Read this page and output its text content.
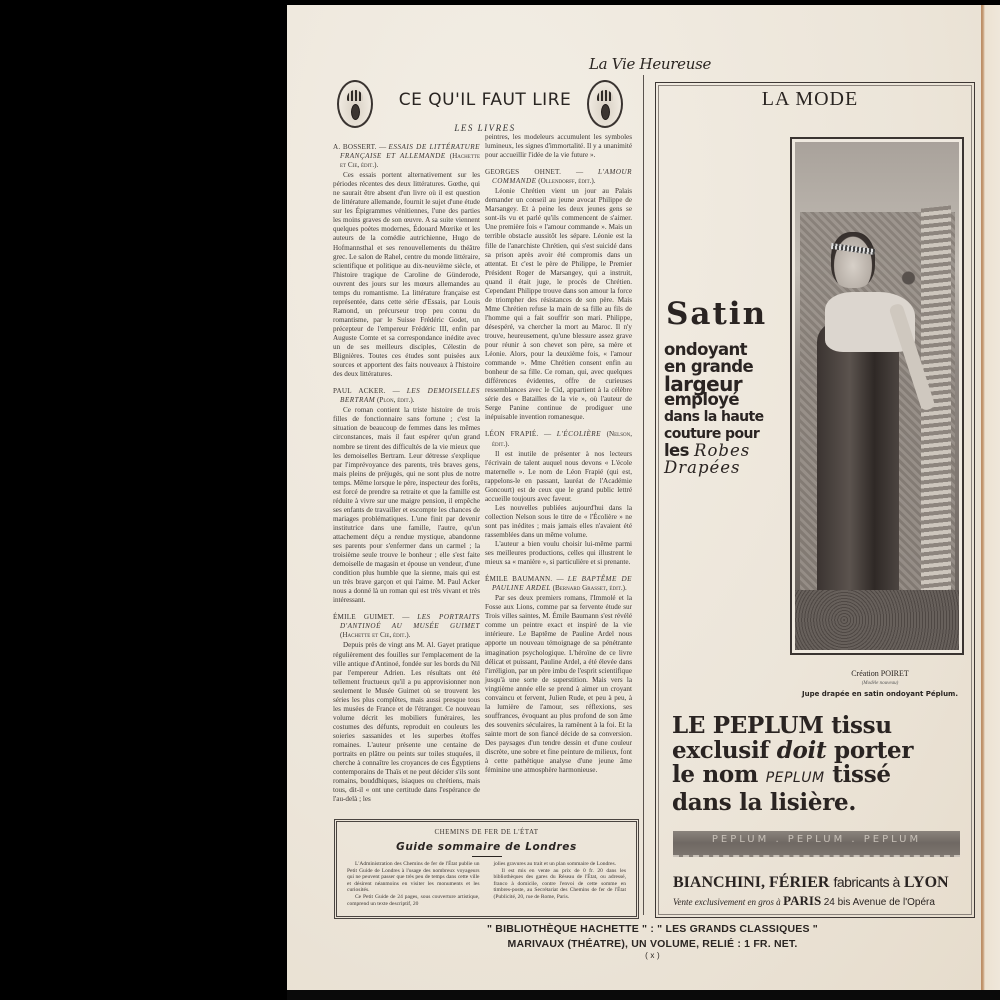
La Vie Heureuse
CE QU'IL FAUT LIRE
LES LIVRES
A. BOSSERT. — ESSAIS DE LITTÉRATURE FRANÇAISE ET ALLEMANDE (Hachette et Cie, édit.).

Ces essais portent alternativement sur les périodes récentes des deux littératures. Gœthe, qui ne saurait être absent d'un livre où il est question de littérature allemande, fournit le sujet d'une étude sur les Épigrammes vénitiennes, l'une des parties les moins graves de son œuvre. A sa suite viennent quelques poètes modernes, Édouard Mœrike et les auteurs de la comédie autrichienne, Hugo de Hofmannsthal et ses renouvellements du théâtre grec. Le salon de Rahel, centre du monde littéraire, scientifique et politique au dix-neuvième siècle, et l'histoire tragique de Caroline de Günderode, ouvrent des jours sur les mœurs allemandes au temps du romantisme. La littérature française est représentée, dans cette série d'Essais, par Louis Ramond, un précurseur trop peu connu du romantisme, par le Suisse Frédéric Godet, un précepteur de l'empereur Frédéric III, enfin par Auguste Comte et sa correspondance inédite avec un de ses meilleurs disciples, Célestin de Blignières. Toutes ces études sont puisées aux sources et apportent des faits nouveaux à l'histoire des deux littératures.

PAUL ACKER. — LES DEMOISELLES BERTRAM (Plon, édit.).

Ce roman contient la triste histoire de trois filles de fonctionnaire sans fortune ; c'est la situation de beaucoup de femmes dans les mêmes circonstances, mais il faut espérer qu'un grand nombre se tirent des difficultés de la vie mieux que les demoiselles Bertram. Leur détresse s'explique par l'imprévoyance des parents, très braves gens, mais pleins de préjugés, qui ne sont plus de notre temps. Même lorsque le père, inspecteur des forêts, est forcé de prendre sa retraite et que la famille est réduite à vivre sur une maigre pension, il empêche ses enfants de travailler et escompte les chances de mariages problématiques. L'une finit par devenir institutrice dans une famille, l'autre, qu'un attachement déçu a rendue mystique, abandonne ses parents pour s'enfermer dans un carmel ; la troisième seule trouve le bonheur ; elle s'est faite demoiselle de magasin et épouse un vendeur, d'une condition plus humble que la sienne, mais qui est un très brave garçon et qui l'aime. M. Paul Acker nous a donné là un roman qui est très vivant et très intéressant.

ÉMILE GUIMET. — LES PORTRAITS D'ANTINOÉ AU MUSÉE GUIMET (Hachette et Cie, édit.).

Depuis près de vingt ans M. Al. Gayet pratique régulièrement des fouilles sur l'emplacement de la ville antique d'Antinoé, fondée sur les bords du Nil par l'empereur Adrien. Les résultats ont été tellement fructueux qu'il a pu approvisionner non seulement le Musée Guimet où se trouvent les séries les plus complètes, mais aussi presque tous les musées de France et de l'étranger. Ce nouveau volume décrit les mobiliers funéraires, les costumes des défunts, reproduit en couleurs les soieries sassanides et les superbes étoffes romaines. L'auteur présente une centaine de portraits en plâtre ou peints sur toiles stuquées, il cherche à connaître les croyances de ces Égyptiens contemporains de Thaïs et ne peut décider s'ils sont romains, bouddhiques, isiaques ou chrétiens, mais tous, dit-il « ont une certitude dans l'espérance de l'au-delà ; les

peintres, les modeleurs accumulent les symboles lumineux, les signes d'immortalité. Il y a unanimité pour accueillir l'idée de la vie future ».

GEORGES OHNET. — L'AMOUR COMMANDE (Ollendorff, édit.).

Léonie Chrétien vient un jour au Palais demander un conseil au jeune avocat Philippe de Marsangey. Et à peine les deux jeunes gens se sont-ils vu et parlé qu'ils commencent de s'aimer. Une première fois « l'amour commande ». Mais un terrible obstacle aussitôt les sépare. Léonie est la fille de l'anarchiste Chrétien, qui s'est suicidé dans sa prison après avoir été compromis dans un attentat. Et c'est le père de Philippe, le Premier Président Roger de Marsangey, qui a instruit, quand il était juge, le procès de Chrétien. Cependant Philippe trouve dans son amour la force de triompher des résistances de son père. Mais Mme Chrétien refuse la main de sa fille au fils de l'homme qui a fait souffrir son mari. Philippe, désespéré, va chercher la mort au Maroc. Il n'y trouve, heureusement, qu'une blessure assez grave pour réunir à son chevet son père, sa mère et Léonie. Alors, pour la deuxième fois, « l'amour commande ». Mme Chrétien consent enfin au bonheur de sa fille. Ce roman, qui, avec quelques différences évidentes, offre de curieuses ressemblances avec le Cid, appartient à la célèbre série des « Batailles de la vie », où l'auteur de Serge Panine continue de prodiguer une inépuisable invention romanesque.

LÉON FRAPIÉ. — L'ÉCOLIÈRE (Nelson, édit.).

Il est inutile de présenter à nos lecteurs l'écrivain de talent auquel nous devons « L'école maternelle ». Le nom de Léon Frapié (qui est, rappelons-le en passant, lauréat de l'Académie Goncourt) est de ceux que le grand public lettré accueille toujours avec faveur.

Les nouvelles publiées aujourd'hui dans la collection Nelson sous le titre de « l'Écolière » ne sont pas inédites ; mais jamais elles n'avaient été rassemblées dans un même volume.

L'auteur a bien voulu choisir lui-même parmi ses meilleures productions, celles qui illustrent le mieux sa « manière », si particulière et si prenante.

ÉMILE BAUMANN. — LE BAPTÊME DE PAULINE ARDEL (Bernard Grasset, édit.).

Par ses deux premiers romans, l'Immolé et la Fosse aux Lions, comme par sa fervente étude sur Trois villes saintes, M. Émile Baumann s'est révélé comme un peintre exact et inspiré de la vie intérieure. Le Baptême de Pauline Ardel nous apporte un nouveau témoignage de sa pénétrante imagination psychologique. L'héroïne de ce livre délicat et puissant, Pauline Ardel, a été élevée dans l'irréligion, par un père imbu de l'esprit scientifique jusqu'à une sorte de superstition. Mais vers la vingtième année elle se prend à aimer un croyant convaincu et fervent, Julien Rude, et peu à peu, à la lumière de l'amour, ses réflexions, ses souffrances, évoquant au plus profond de son âme des souvenirs séculaires, la ramènent à la foi. Et la sainte mort de son fiancé décide de sa conversion. Des paysages d'un tendre dessin et d'une couleur discrète, une sobre et fine peinture de milieux, font à cette pathétique analyse d'une jeune âme féminine une atmosphère harmonieuse.

CHEMINS DE FER DE L'ÉTAT
Guide sommaire de Londres

L'Administration des Chemins de fer de l'État publie un Petit Guide de Londres à l'usage des nombreux voyageurs qui ne peuvent passer que très peu de temps dans cette ville et désirent néanmoins en visiter les monuments et les curiosités.

Ce Petit Guide de 24 pages, sous couverture artistique, comprend un texte descriptif, 20

jolies gravures au trait et un plan sommaire de Londres.

Il est mis en vente au prix de 0 fr. 20 dans les bibliothèques des gares du Réseau de l'État, ou adressé, franco à domicile, contre l'envoi de cette somme en timbres-poste, au Secrétariat des Chemins de fer de l'État (Publicité, 20, rue de Rome, Paris.

LA MODE
Satin
ondoyant
en grande
largeur
employé
dans la haute
couture pour
les Robes
Drapées
Création POIRET
(Modèle nouveau)
Jupe drapée en satin ondoyant Péplum.
LE PEPLUM tissu
exclusif doit porter
le nom PEPLUM tissé
dans la lisière.
PEPLUM . PEPLUM . PEPLUM
BIANCHINI, FÉRIER fabricants à LYON
Vente exclusivement en gros à PARIS 24 bis Avenue de l'Opéra
" BIBLIOTHÈQUE HACHETTE " : " LES GRANDS CLASSIQUES "
MARIVAUX (THÉATRE), UN VOLUME, RELIÉ : 1 FR. NET.
( x )
